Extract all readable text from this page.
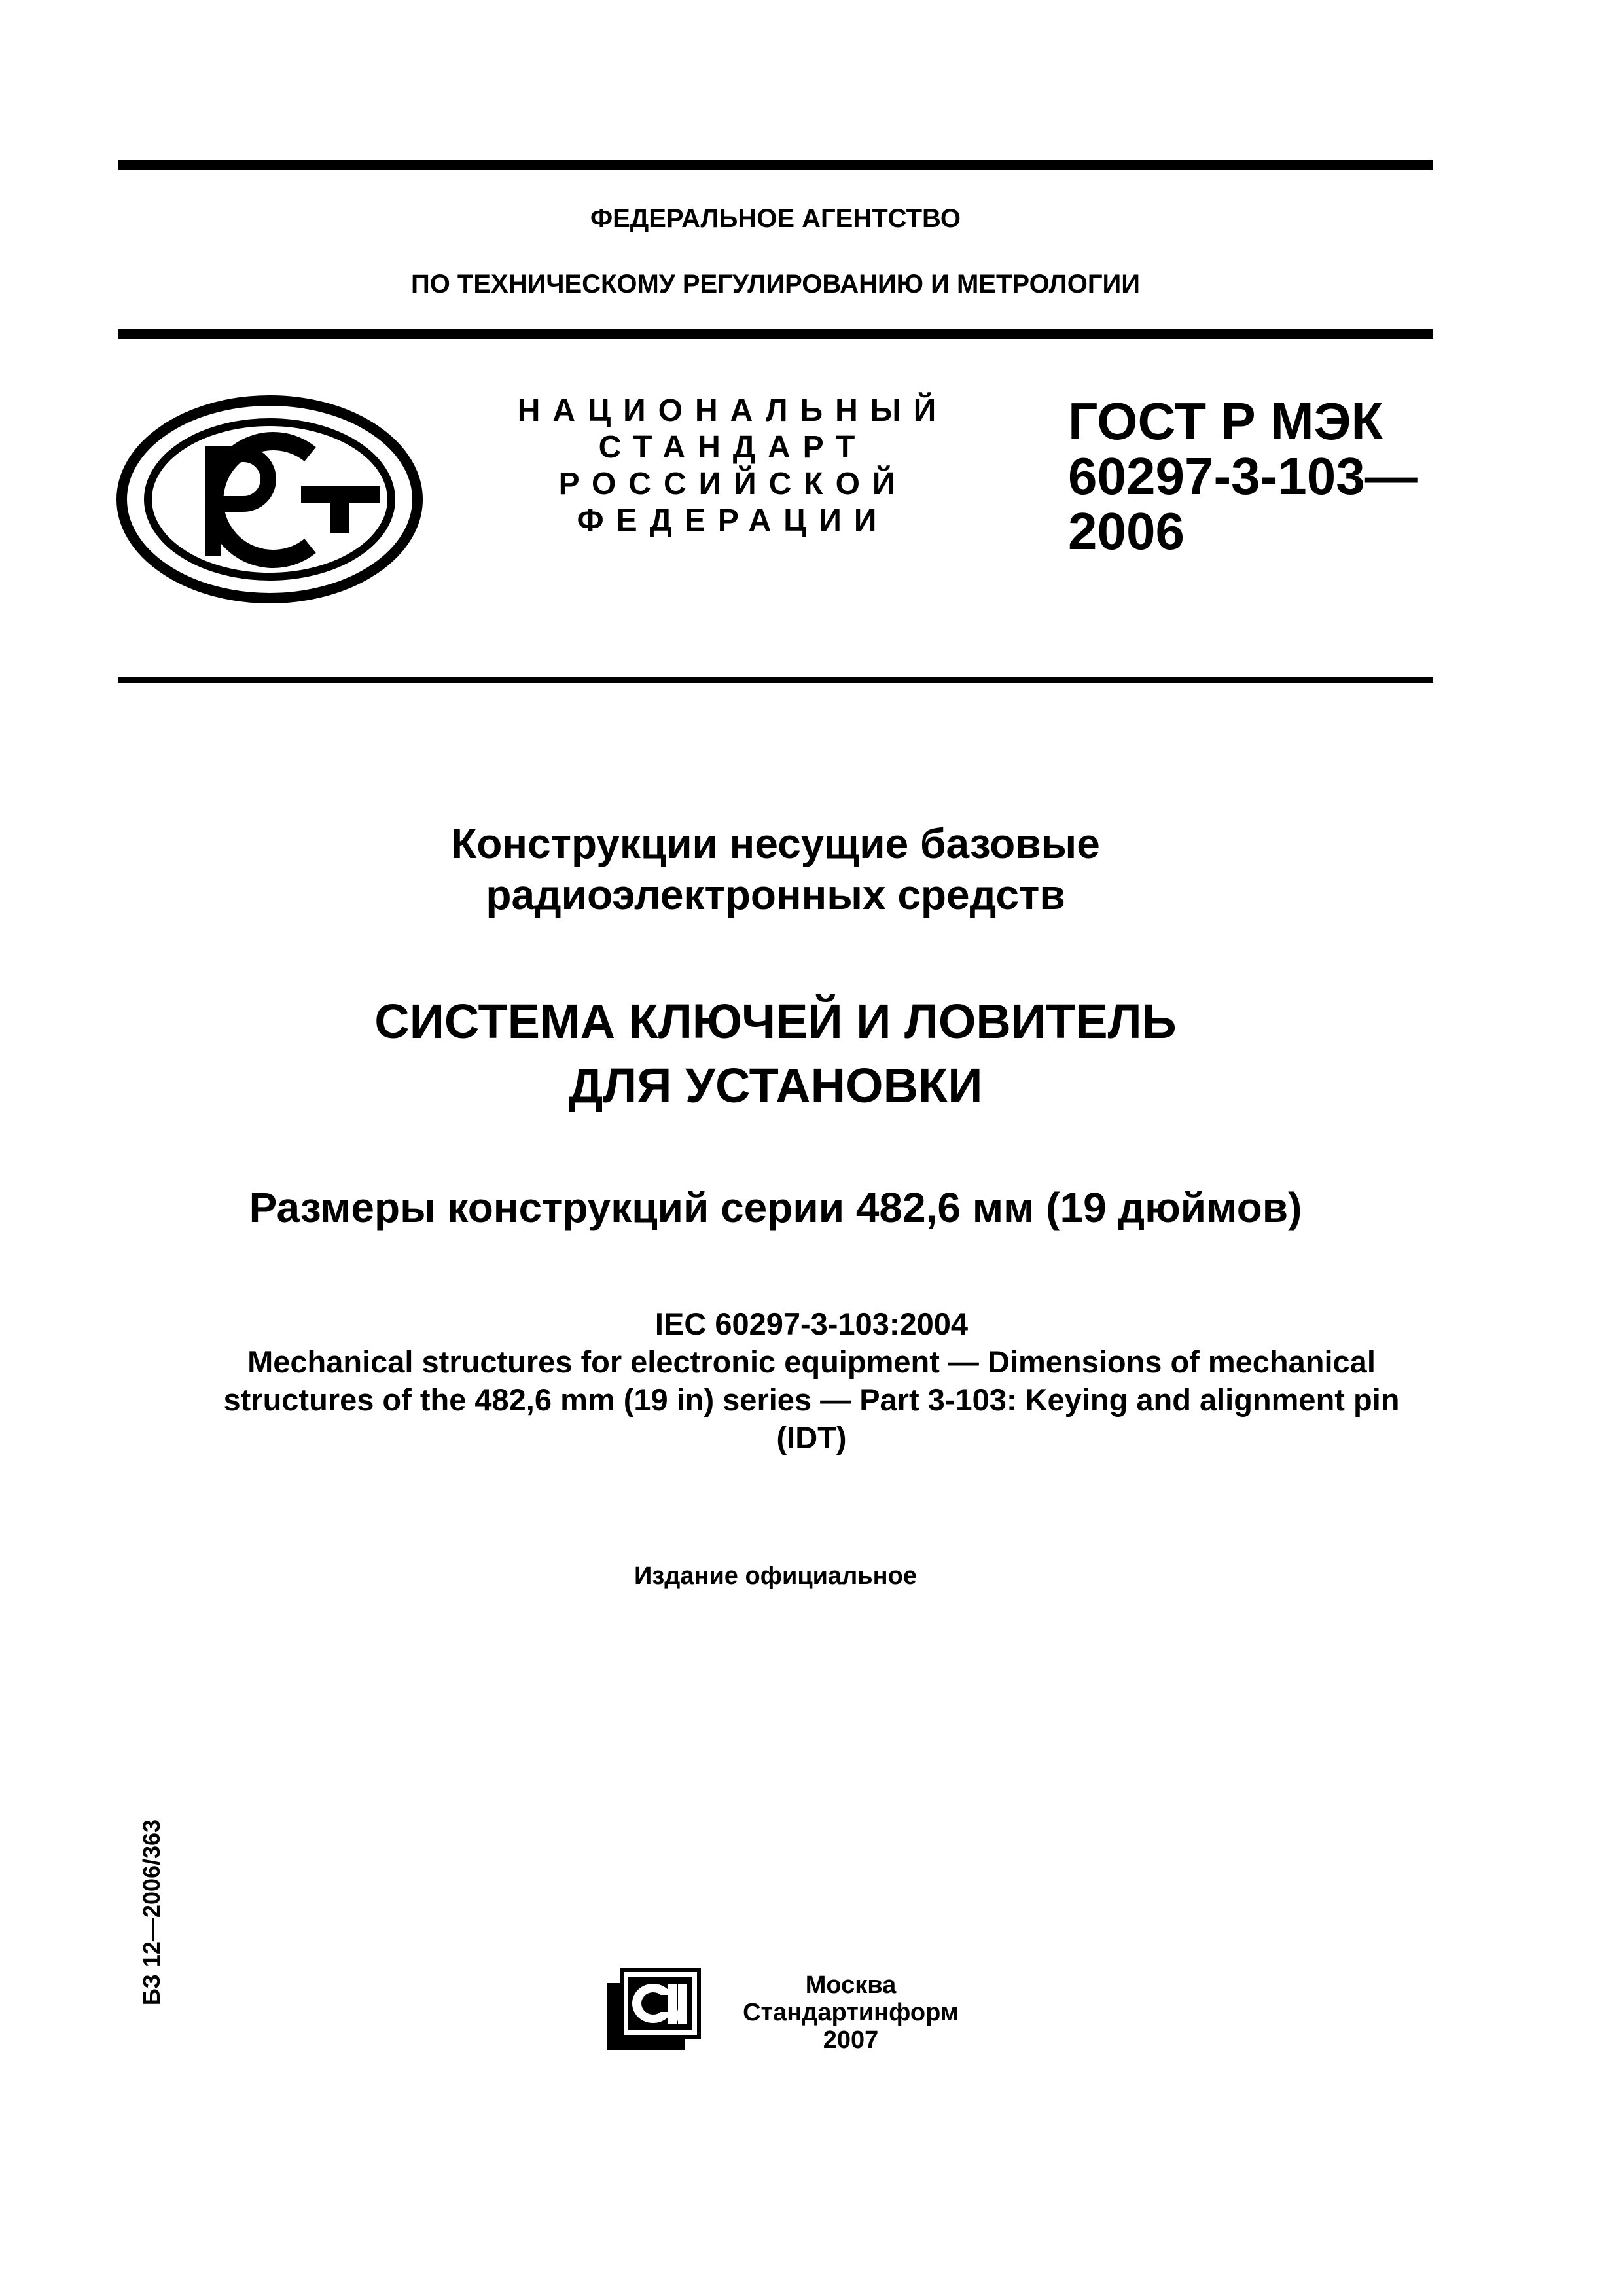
ФЕДЕРАЛЬНОЕ АГЕНТСТВО
ПО ТЕХНИЧЕСКОМУ РЕГУЛИРОВАНИЮ И МЕТРОЛОГИИ
НАЦИОНАЛЬНЫЙ
СТАНДАРТ
РОССИЙСКОЙ
ФЕДЕРАЦИИ
ГОСТ Р МЭК
60297-3-103—
2006
Конструкции несущие базовые
радиоэлектронных средств
СИСТЕМА КЛЮЧЕЙ И ЛОВИТЕЛЬ
ДЛЯ УСТАНОВКИ
Размеры конструкций серии 482,6 мм (19 дюймов)
IEC 60297-3-103:2004
Mechanical structures for electronic equipment — Dimensions of mechanical
structures of the 482,6 mm (19 in) series — Part 3-103: Keying and alignment pin
(IDT)
Издание официальное
БЗ 12—2006/363	Москва
Стандартинформ
2007
